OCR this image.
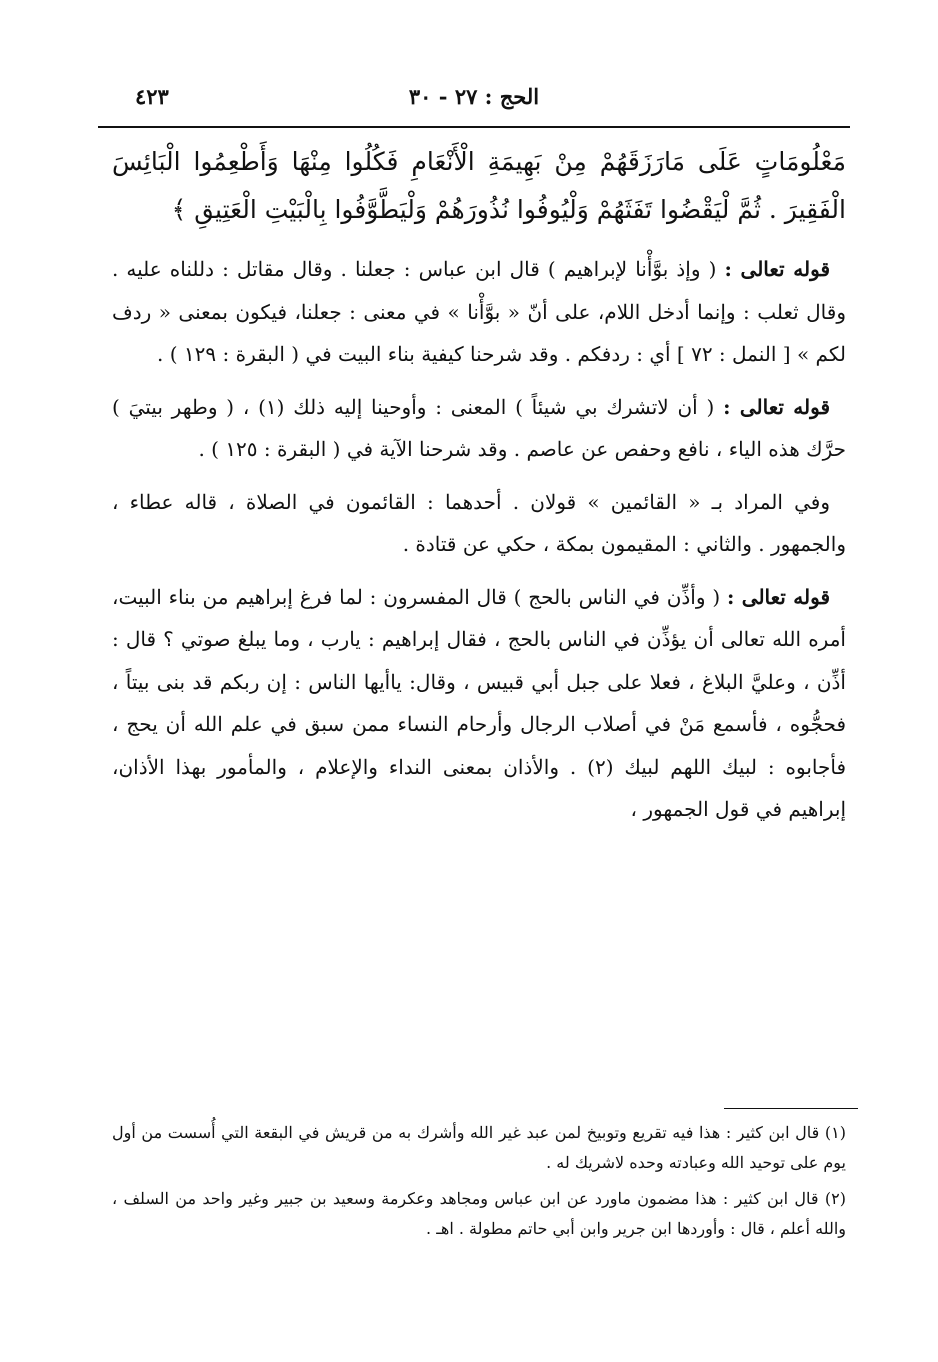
الحج : ٢٧ - ٣٠
٤٢٣

مَعْلُومَاتٍ عَلَى مَارَزَقَهُمْ مِنْ بَهِيمَةِ الْأَنْعَامِ فَكُلُوا مِنْهَا وَأَطْعِمُوا الْبَائِسَ الْفَقِيرَ . ثُمَّ لْيَقْضُوا تَفَثَهُمْ وَلْيُوفُوا نُذُورَهُمْ وَلْيَطَّوَّفُوا بِالْبَيْتِ الْعَتِيقِ ﴾

قوله تعالى : ( وإذ بوَّأْنا لإبراهيم ) قال ابن عباس : جعلنا . وقال مقاتل : دللناه عليه . وقال ثعلب : وإنما أدخل اللام، على أنّ « بوَّأْنا » في معنى : جعلنا، فيكون بمعنى « ردف لكم » [ النمل : ٧٢ ] أي : ردفكم . وقد شرحنا كيفية بناء البيت في ( البقرة : ١٢٩ ) .

قوله تعالى : ( أن لاتشرك بي شيئاً ) المعنى : وأوحينا إليه ذلك (١) ، ( وطهر بيتيَ ) حرَّك هذه الياء ، نافع وحفص عن عاصم . وقد شرحنا الآية في ( البقرة : ١٢٥ ) .

وفي المراد بـ « القائمين » قولان . أحدهما : القائمون في الصلاة ، قاله عطاء ، والجمهور . والثاني : المقيمون بمكة ، حكي عن قتادة .

قوله تعالى : ( وأذِّن في الناس بالحج ) قال المفسرون : لما فرغ إبراهيم من بناء البيت، أمره الله تعالى أن يؤذِّن في الناس بالحج ، فقال إبراهيم : يارب ، وما يبلغ صوتي ؟ قال : أذِّن ، وعليَّ البلاغ ، فعلا على جبل أبي قبيس ، وقال: ياأيها الناس : إن ربكم قد بنى بيتاً ، فحجُّوه ، فأسمع مَنْ في أصلاب الرجال وأرحام النساء ممن سبق في علم الله أن يحج ، فأجابوه : لبيك اللهم لبيك (٢) . والأذان بمعنى النداء والإعلام ، والمأمور بهذا الأذان، إبراهيم في قول الجمهور ،

(١) قال ابن كثير : هذا فيه تقريع وتوبيخ لمن عبد غير الله وأشرك به من قريش في البقعة التي أُسست من أول يوم على توحيد الله وعبادته وحده لاشريك له .

(٢) قال ابن كثير : هذا مضمون ماورد عن ابن عباس ومجاهد وعكرمة وسعيد بن جبير وغير واحد من السلف ، والله أعلم ، قال : وأوردها ابن جرير وابن أبي حاتم مطولة . اهـ .
